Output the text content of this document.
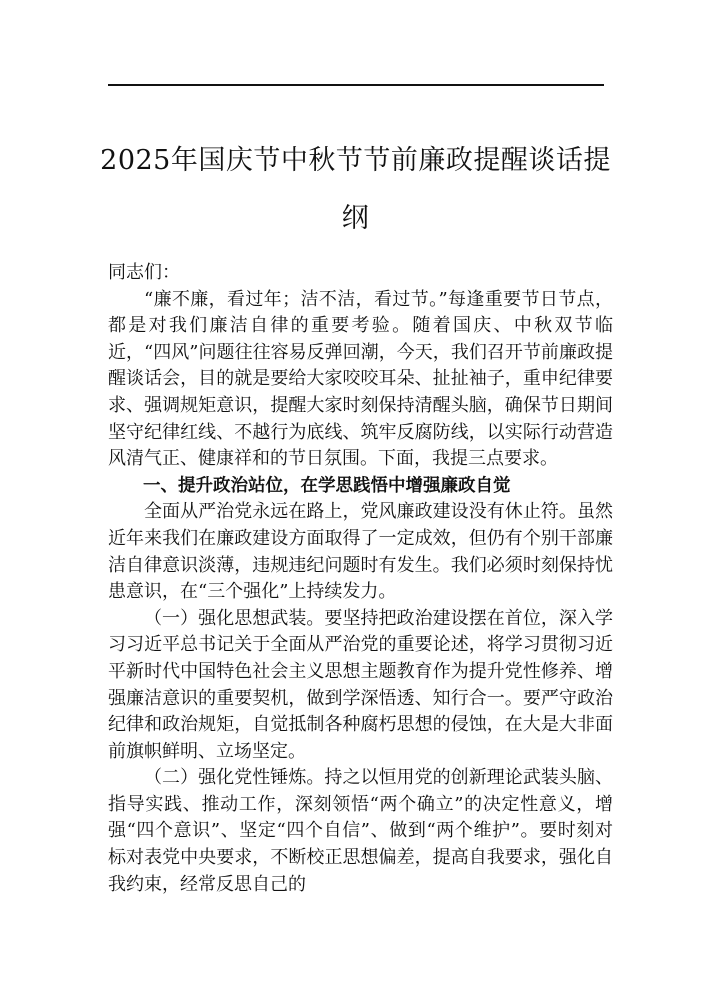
2025年国庆节中秋节节前廉政提醒谈话提纲

同志们：

“廉不廉，看过年；洁不洁，看过节。”每逢重要节日节点，都是对我们廉洁自律的重要考验。随着国庆、中秋双节临近，“四风”问题往往容易反弹回潮，今天，我们召开节前廉政提醒谈话会，目的就是要给大家咬咬耳朵、扯扯袖子，重申纪律要求、强调规矩意识，提醒大家时刻保持清醒头脑，确保节日期间坚守纪律红线、不越行为底线、筑牢反腐防线，以实际行动营造风清气正、健康祥和的节日氛围。下面，我提三点要求。

一、提升政治站位，在学思践悟中增强廉政自觉

全面从严治党永远在路上，党风廉政建设没有休止符。虽然近年来我们在廉政建设方面取得了一定成效，但仍有个别干部廉洁自律意识淡薄，违规违纪问题时有发生。我们必须时刻保持忧患意识，在“三个强化”上持续发力。

（一）强化思想武装。要坚持把政治建设摆在首位，深入学习习近平总书记关于全面从严治党的重要论述，将学习贯彻习近平新时代中国特色社会主义思想主题教育作为提升党性修养、增强廉洁意识的重要契机，做到学深悟透、知行合一。要严守政治纪律和政治规矩，自觉抵制各种腐朽思想的侵蚀，在大是大非面前旗帜鲜明、立场坚定。

（二）强化党性锤炼。持之以恒用党的创新理论武装头脑、指导实践、推动工作，深刻领悟“两个确立”的决定性意义，增强“四个意识”、坚定“四个自信”、做到“两个维护”。要时刻对标对表党中央要求，不断校正思想偏差，提高自我要求，强化自我约束，经常反思自己的
